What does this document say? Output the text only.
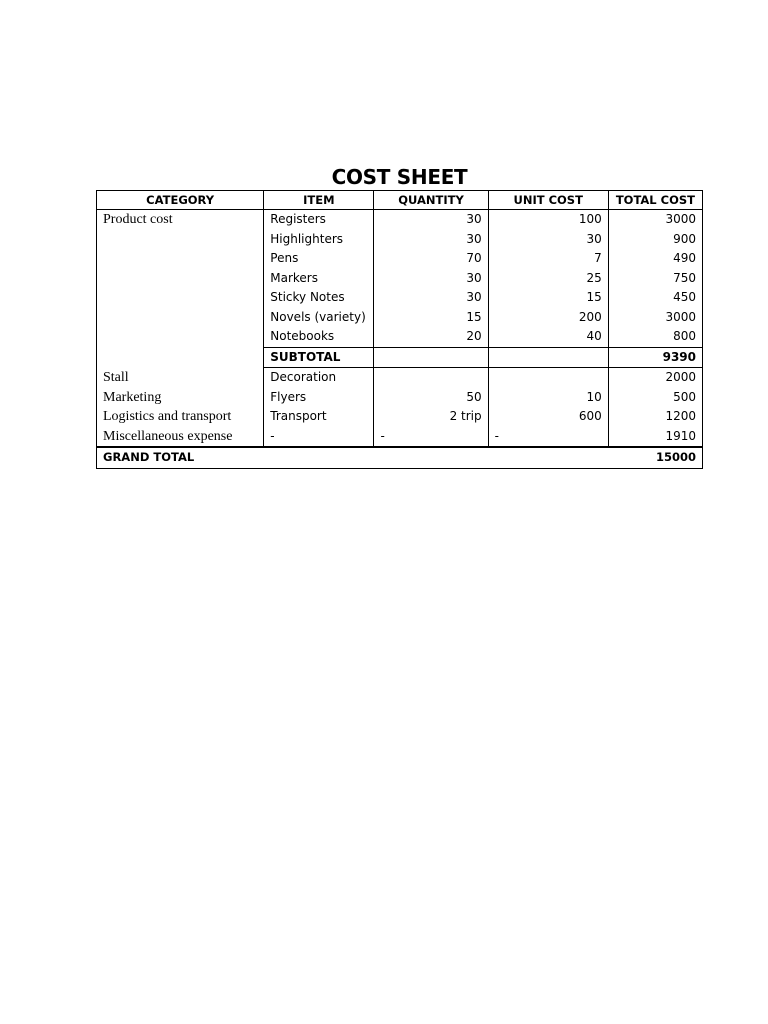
COST SHEET
CATEGORY	ITEM	QUANTITY	UNIT COST	TOTAL COST
Product cost	Registers	30	100	3000
	Highlighters	30	30	900
	Pens	70	7	490
	Markers	30	25	750
	Sticky Notes	30	15	450
	Novels (variety)	15	200	3000
	Notebooks	20	40	800
	SUBTOTAL			9390
Stall	Decoration			2000
Marketing	Flyers	50	10	500
Logistics and transport	Transport	2 trip	600	1200
Miscellaneous expense	-	-	-	1910
GRAND TOTAL				15000
